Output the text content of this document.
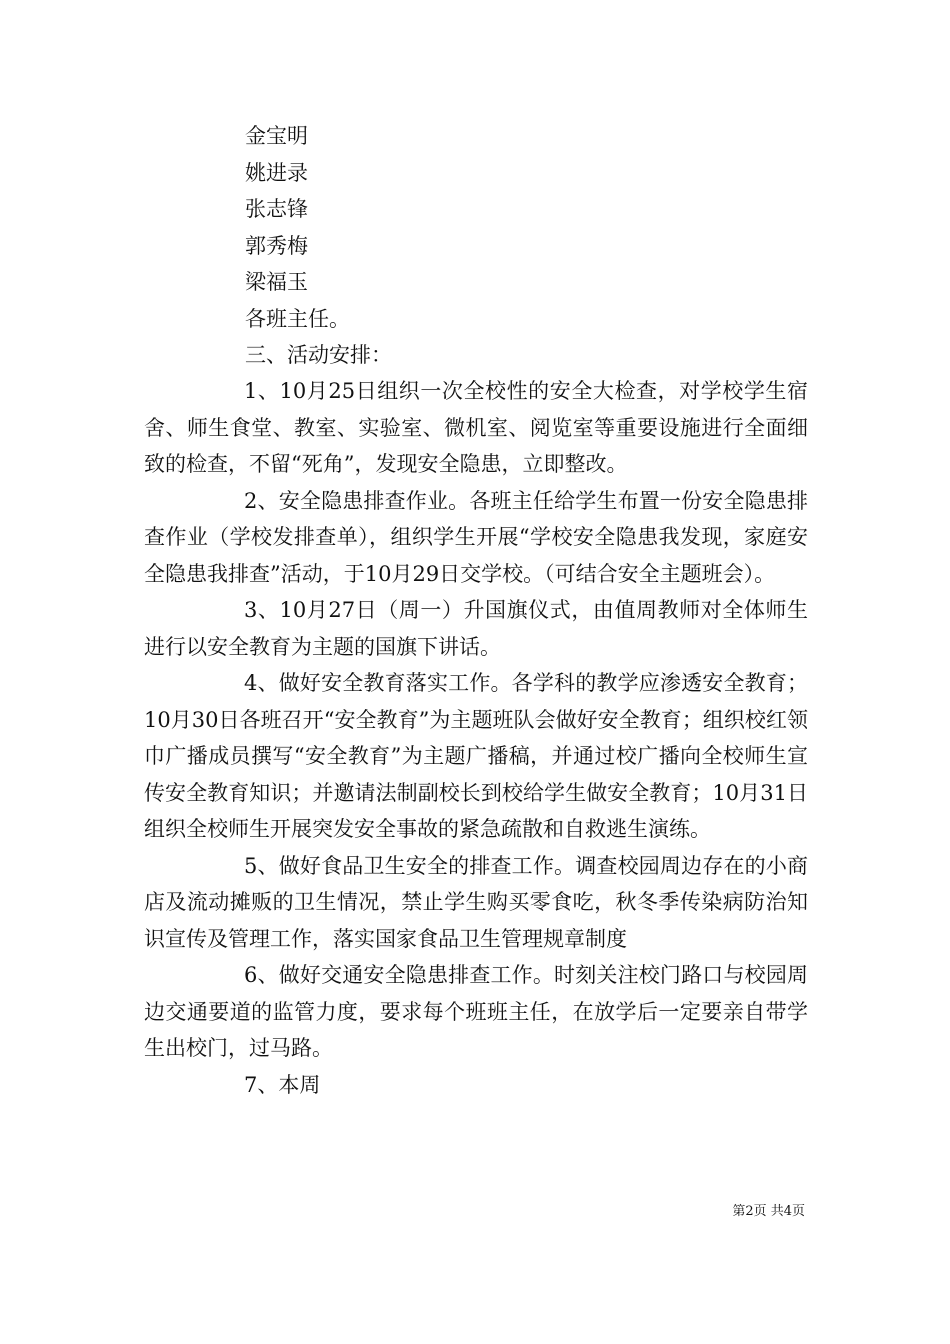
金宝明
姚进录
张志锋
郭秀梅
梁福玉
各班主任。
三、活动安排：

1、10月25日组织一次全校性的安全大检查，对学校学生宿舍、师生食堂、教室、实验室、微机室、阅览室等重要设施进行全面细致的检查，不留“死角”，发现安全隐患，立即整改。

2、安全隐患排查作业。各班主任给学生布置一份安全隐患排查作业（学校发排查单），组织学生开展“学校安全隐患我发现，家庭安全隐患我排查”活动，于10月29日交学校。（可结合安全主题班会）。

3、10月27日（周一）升国旗仪式，由值周教师对全体师生进行以安全教育为主题的国旗下讲话。

4、做好安全教育落实工作。各学科的教学应渗透安全教育；10月30日各班召开“安全教育”为主题班队会做好安全教育；组织校红领巾广播成员撰写“安全教育”为主题广播稿，并通过校广播向全校师生宣传安全教育知识；并邀请法制副校长到校给学生做安全教育；10月31日组织全校师生开展突发安全事故的紧急疏散和自救逃生演练。

5、做好食品卫生安全的排查工作。调查校园周边存在的小商店及流动摊贩的卫生情况，禁止学生购买零食吃，秋冬季传染病防治知识宣传及管理工作，落实国家食品卫生管理规章制度

6、做好交通安全隐患排查工作。时刻关注校门路口与校园周边交通要道的监管力度，要求每个班班主任，在放学后一定要亲自带学生出校门，过马路。

7、本周

第2页 共4页
